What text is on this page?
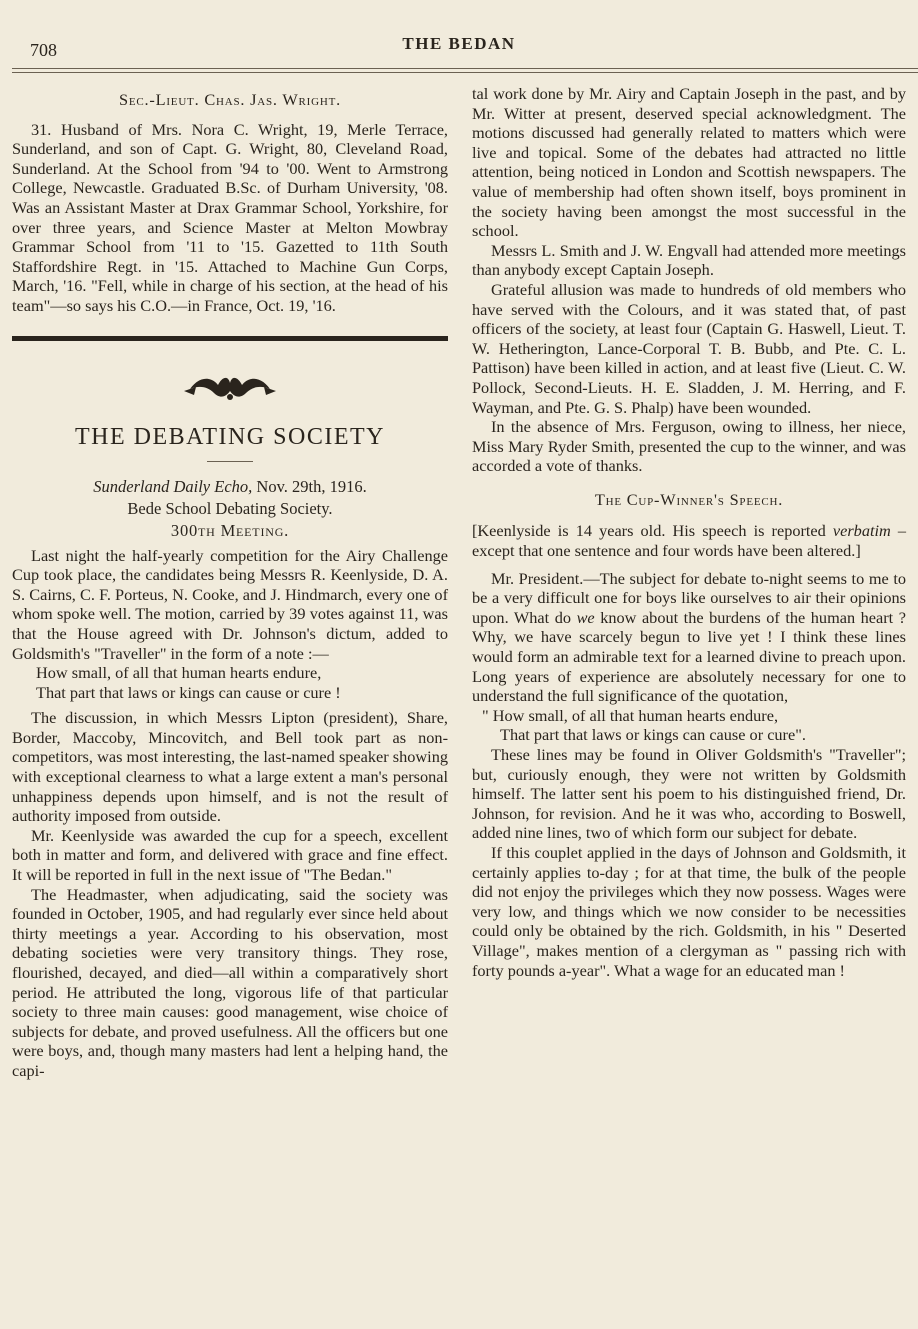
708	THE BEDAN

Sec.-Lieut. Chas. Jas. Wright.

31. Husband of Mrs. Nora C. Wright, 19, Merle Terrace, Sunderland, and son of Capt. G. Wright, 80, Cleveland Road, Sunderland. At the School from '94 to '00. Went to Armstrong College, Newcastle. Graduated B.Sc. of Durham University, '08. Was an Assistant Master at Drax Grammar School, Yorkshire, for over three years, and Science Master at Melton Mowbray Grammar School from '11 to '15. Gazetted to 11th South Staffordshire Regt. in '15. Attached to Machine Gun Corps, March, '16. "Fell, while in charge of his section, at the head of his team"—so says his C.O.—in France, Oct. 19, '16.

THE DEBATING SOCIETY

Sunderland Daily Echo, Nov. 29th, 1916.

Bede School Debating Society.

300th Meeting.

Last night the half-yearly competition for the Airy Challenge Cup took place, the candidates being Messrs R. Keenlyside, D. A. S. Cairns, C. F. Porteus, N. Cooke, and J. Hindmarch, every one of whom spoke well. The motion, carried by 39 votes against 11, was that the House agreed with Dr. Johnson's dictum, added to Goldsmith's "Traveller" in the form of a note :—

How small, of all that human hearts endure,

That part that laws or kings can cause or cure !

The discussion, in which Messrs Lipton (president), Share, Border, Maccoby, Mincovitch, and Bell took part as non-competitors, was most interesting, the last-named speaker showing with exceptional clearness to what a large extent a man's personal unhappiness depends upon himself, and is not the result of authority imposed from outside.

Mr. Keenlyside was awarded the cup for a speech, excellent both in matter and form, and delivered with grace and fine effect. It will be reported in full in the next issue of "The Bedan."

The Headmaster, when adjudicating, said the society was founded in October, 1905, and had regularly ever since held about thirty meetings a year. According to his observation, most debating societies were very transitory things. They rose, flourished, decayed, and died—all within a comparatively short period. He attributed the long, vigorous life of that particular society to three main causes: good management, wise choice of subjects for debate, and proved usefulness. All the officers but one were boys, and, though many masters had lent a helping hand, the capi-

tal work done by Mr. Airy and Captain Joseph in the past, and by Mr. Witter at present, deserved special acknowledgment. The motions discussed had generally related to matters which were live and topical. Some of the debates had attracted no little attention, being noticed in London and Scottish newspapers. The value of membership had often shown itself, boys prominent in the society having been amongst the most successful in the school.

Messrs L. Smith and J. W. Engvall had attended more meetings than anybody except Captain Joseph.

Grateful allusion was made to hundreds of old members who have served with the Colours, and it was stated that, of past officers of the society, at least four (Captain G. Haswell, Lieut. T. W. Hetherington, Lance-Corporal T. B. Bubb, and Pte. C. L. Pattison) have been killed in action, and at least five (Lieut. C. W. Pollock, Second-Lieuts. H. E. Sladden, J. M. Herring, and F. Wayman, and Pte. G. S. Phalp) have been wounded.

In the absence of Mrs. Ferguson, owing to illness, her niece, Miss Mary Ryder Smith, presented the cup to the winner, and was accorded a vote of thanks.

The Cup-Winner's Speech.

[Keenlyside is 14 years old. His speech is reported verbatim – except that one sentence and four words have been altered.]

Mr. President.—The subject for debate to-night seems to me to be a very difficult one for boys like ourselves to air their opinions upon. What do we know about the burdens of the human heart ? Why, we have scarcely begun to live yet ! I think these lines would form an admirable text for a learned divine to preach upon. Long years of experience are absolutely necessary for one to understand the full significance of the quotation,

" How small, of all that human hearts endure,

That part that laws or kings can cause or cure".

These lines may be found in Oliver Goldsmith's "Traveller"; but, curiously enough, they were not written by Goldsmith himself. The latter sent his poem to his distinguished friend, Dr. Johnson, for revision. And he it was who, according to Boswell, added nine lines, two of which form our subject for debate.

If this couplet applied in the days of Johnson and Goldsmith, it certainly applies to-day ; for at that time, the bulk of the people did not enjoy the privileges which they now possess. Wages were very low, and things which we now consider to be necessities could only be obtained by the rich. Goldsmith, in his " Deserted Village", makes mention of a clergyman as " passing rich with forty pounds a-year". What a wage for an educated man !
